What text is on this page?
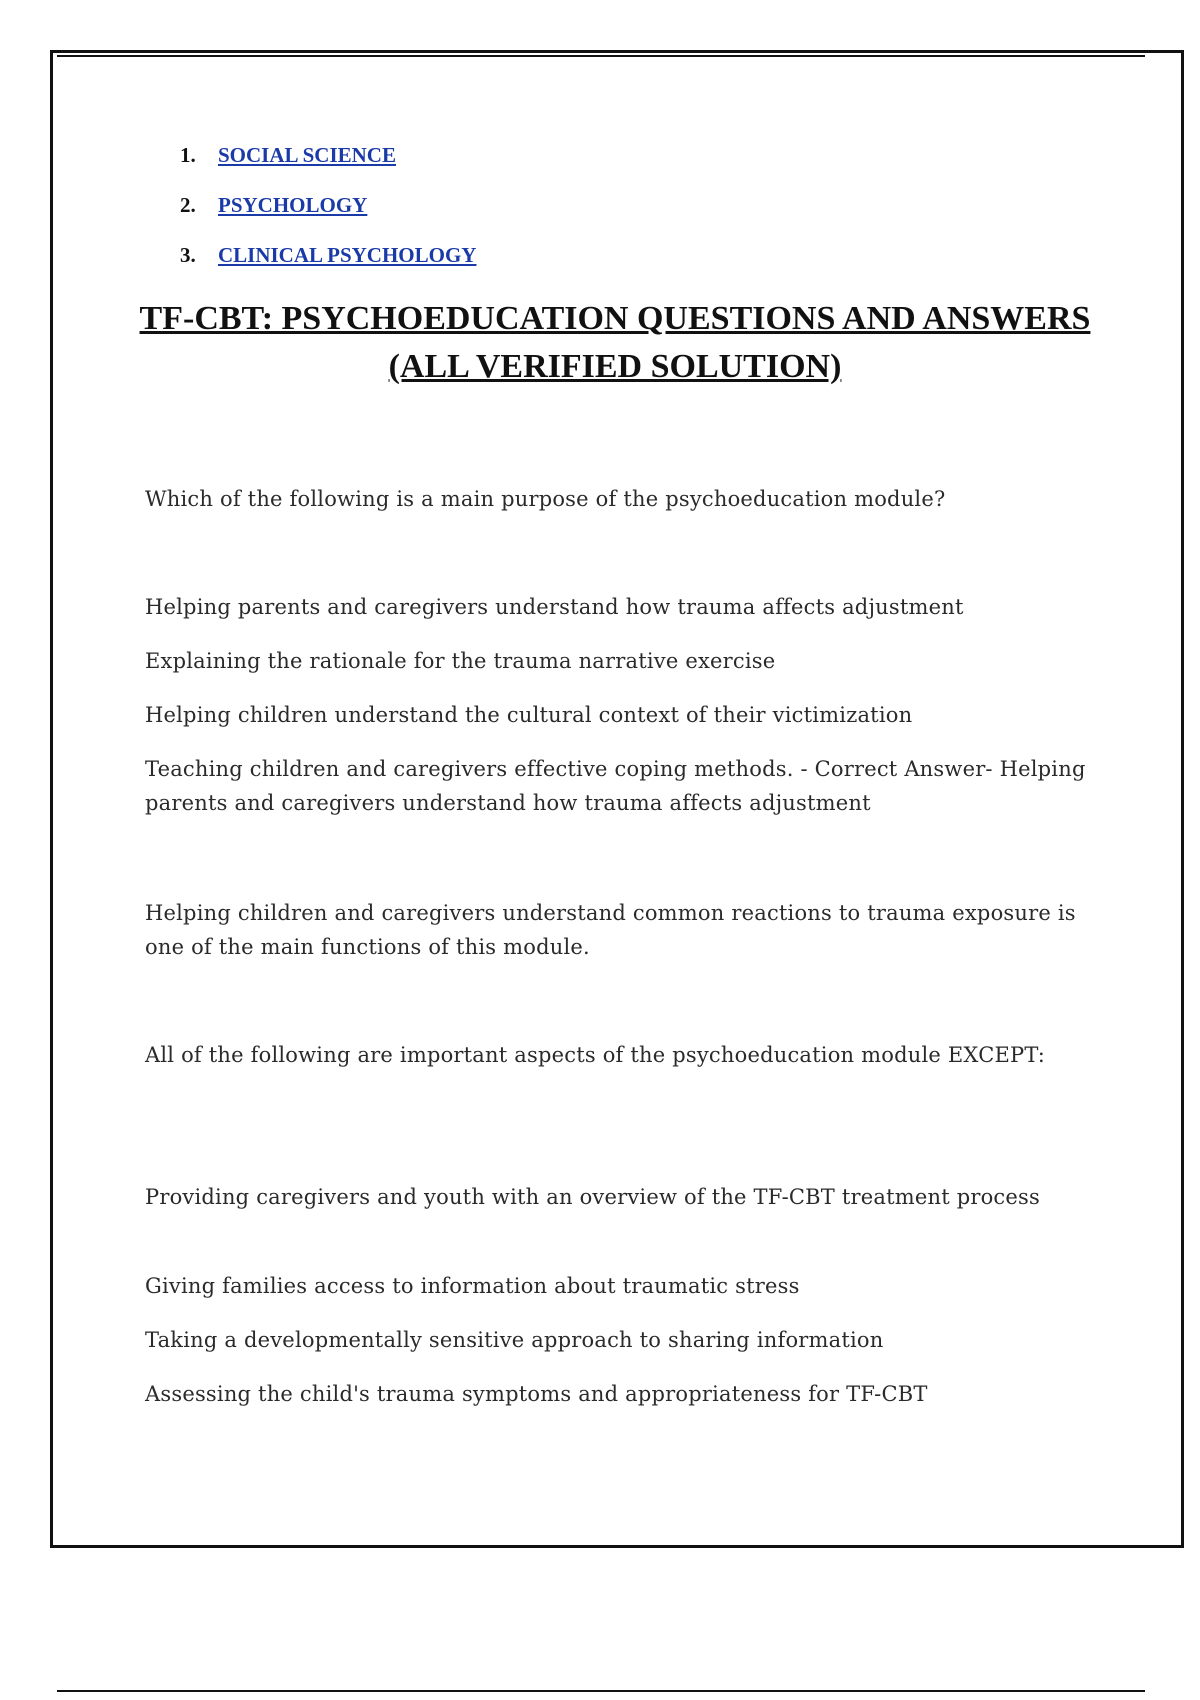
1.	SOCIAL SCIENCE
2.	PSYCHOLOGY
3.	CLINICAL PSYCHOLOGY
TF-CBT: PSYCHOEDUCATION QUESTIONS AND ANSWERS
(ALL VERIFIED SOLUTION)

Which of the following is a main purpose of the psychoeducation module?

Helping parents and caregivers understand how trauma affects adjustment

Explaining the rationale for the trauma narrative exercise

Helping children understand the cultural context of their victimization

Teaching children and caregivers effective coping methods. - Correct Answer- Helping parents and caregivers understand how trauma affects adjustment

Helping children and caregivers understand common reactions to trauma exposure is one of the main functions of this module.

All of the following are important aspects of the psychoeducation module EXCEPT:

Providing caregivers and youth with an overview of the TF-CBT treatment process

Giving families access to information about traumatic stress

Taking a developmentally sensitive approach to sharing information

Assessing the child's trauma symptoms and appropriateness for TF-CBT
